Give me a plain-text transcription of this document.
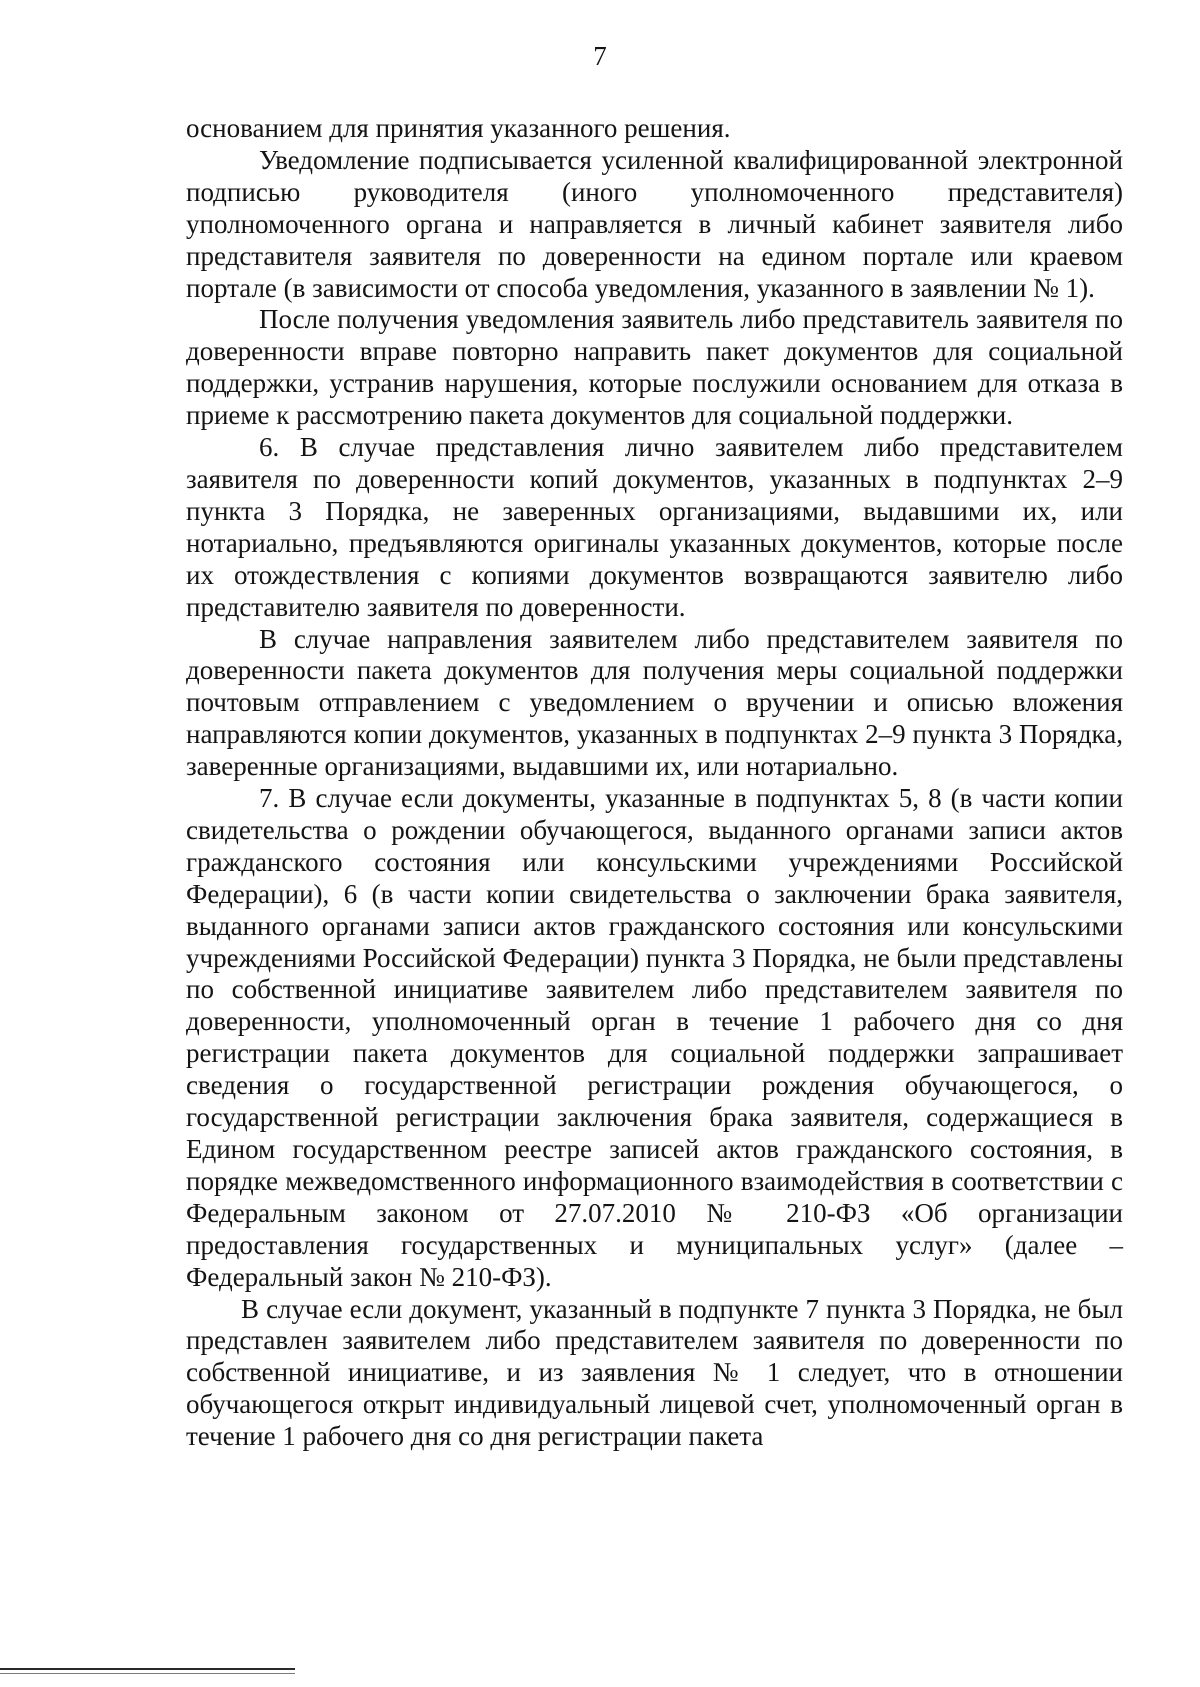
7

основанием для принятия указанного решения.

Уведомление подписывается усиленной квалифицированной электронной подписью руководителя (иного уполномоченного представителя) уполномоченного органа и направляется в личный кабинет заявителя либо представителя заявителя по доверенности на едином портале или краевом портале (в зависимости от способа уведомления, указанного в заявлении № 1).

После получения уведомления заявитель либо представитель заявителя по доверенности вправе повторно направить пакет документов для социальной поддержки, устранив нарушения, которые послужили основанием для отказа в приеме к рассмотрению пакета документов для социальной поддержки.

6. В случае представления лично заявителем либо представителем заявителя по доверенности копий документов, указанных в подпунктах 2–9 пункта 3 Порядка, не заверенных организациями, выдавшими их, или нотариально, предъявляются оригиналы указанных документов, которые после их отождествления с копиями документов возвращаются заявителю либо представителю заявителя по доверенности.

В случае направления заявителем либо представителем заявителя по доверенности пакета документов для получения меры социальной поддержки почтовым отправлением с уведомлением о вручении и описью вложения направляются копии документов, указанных в подпунктах 2–9 пункта 3 Порядка, заверенные организациями, выдавшими их, или нотариально.

7. В случае если документы, указанные в подпунктах 5, 8 (в части копии свидетельства о рождении обучающегося, выданного органами записи актов гражданского состояния или консульскими учреждениями Российской Федерации), 6 (в части копии свидетельства о заключении брака заявителя, выданного органами записи актов гражданского состояния или консульскими учреждениями Российской Федерации) пункта 3 Порядка, не были представлены по собственной инициативе заявителем либо представителем заявителя по доверенности, уполномоченный орган в течение 1 рабочего дня со дня регистрации пакета документов для социальной поддержки запрашивает сведения о государственной регистрации рождения обучающегося, о государственной регистрации заключения брака заявителя, содержащиеся в Едином государственном реестре записей актов гражданского состояния, в порядке межведомственного информационного взаимодействия в соответствии с Федеральным законом от 27.07.2010 № 210-ФЗ «Об организации предоставления государственных и муниципальных услуг» (далее – Федеральный закон № 210-ФЗ).

В случае если документ, указанный в подпункте 7 пункта 3 Порядка, не был представлен заявителем либо представителем заявителя по доверенности по собственной инициативе, и из заявления № 1 следует, что в отношении обучающегося открыт индивидуальный лицевой счет, уполномоченный орган в течение 1 рабочего дня со дня регистрации пакета
